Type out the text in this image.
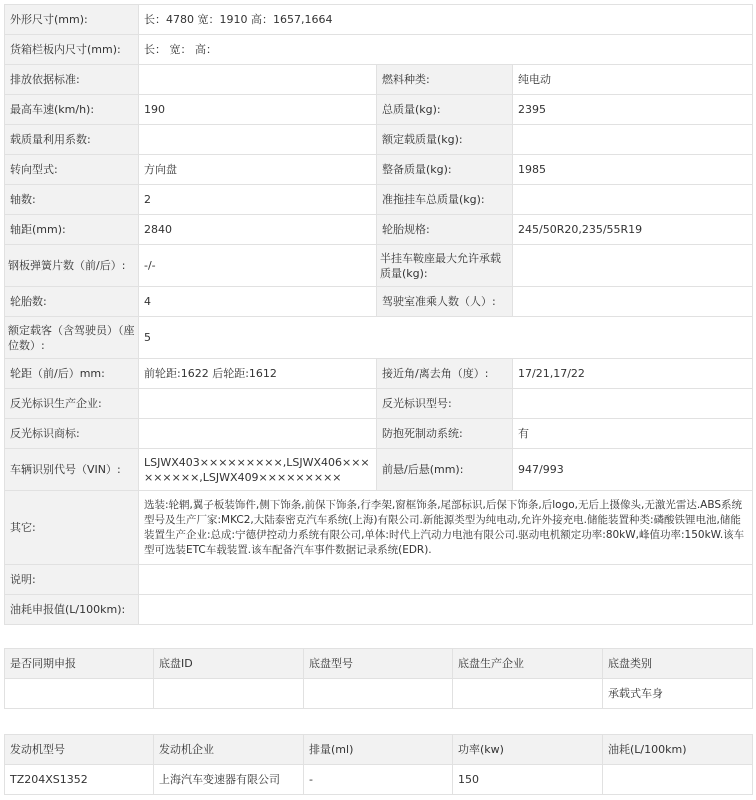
外形尺寸(mm):	长：4780 宽：1910 高：1657,1664		
货箱栏板内尺寸(mm):	长： 宽： 高：		
排放依据标准:		燃料种类:	纯电动
最高车速(km/h):	190	总质量(kg):	2395
载质量利用系数:		额定载质量(kg):	
转向型式:	方向盘	整备质量(kg):	1985
轴数:	2	准拖挂车总质量(kg):	
轴距(mm):	2840	轮胎规格:	245/50R20,235/55R19
钢板弹簧片数（前/后）:	-/-	半挂车鞍座最大允许承载质量(kg):	
轮胎数:	4	驾驶室准乘人数（人）:	
额定载客（含驾驶员）（座位数）:	5		
轮距（前/后）mm:	前轮距:1622 后轮距:1612	接近角/离去角（度）:	17/21,17/22
反光标识生产企业:		反光标识型号:	
反光标识商标:		防抱死制动系统:	有
车辆识别代号（VIN）:	LSJWX403×××××××××,LSJWX406×××××××××,LSJWX409×××××××××	前悬/后悬(mm):	947/993
其它:	选装:轮辋,翼子板装饰件,侧下饰条,前保下饰条,行李架,窗框饰条,尾部标识,后保下饰条,后logo,无后上摄像头,无激光雷达.ABS系统型号及生产厂家:MKC2,大陆泰密克汽车系统(上海)有限公司.新能源类型为纯电动,允许外接充电.储能装置种类:磷酸铁锂电池,储能装置生产企业:总成:宁德伊控动力系统有限公司,单体:时代上汽动力电池有限公司.驱动电机额定功率:80kW,峰值功率:150kW.该车型可选装ETC车载装置.该车配备汽车事件数据记录系统(EDR).		
说明:			
油耗申报值(L/100km):			
是否同期申报	底盘ID	底盘型号	底盘生产企业	底盘类别
				承载式车身
发动机型号	发动机企业	排量(ml)	功率(kw)	油耗(L/100km)
TZ204XS1352	上海汽车变速器有限公司	-	150	
